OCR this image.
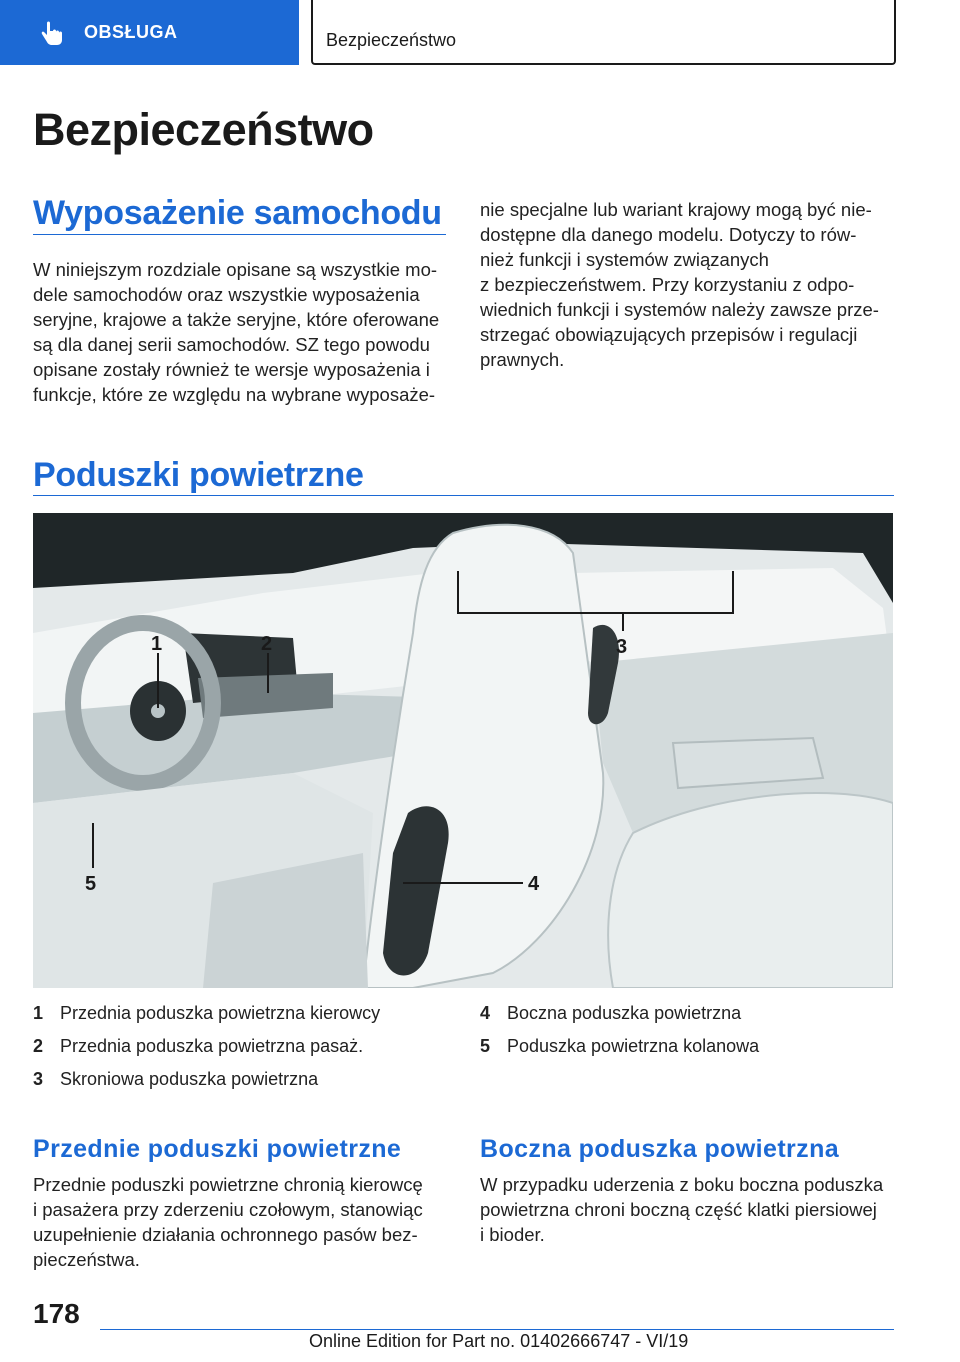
OBSŁUGA	Bezpieczeństwo
Bezpieczeństwo
Wyposażenie samochodu

W niniejszym rozdziale opisane są wszystkie mo-

dele samochodów oraz wszystkie wyposażenia

seryjne, krajowe a także seryjne, które oferowane

są dla danej serii samochodów. SZ tego powodu

opisane zostały również te wersje wyposażenia i

funkcje, które ze względu na wybrane wyposaże-

nie specjalne lub wariant krajowy mogą być nie-

dostępne dla danego modelu. Dotyczy to rów-

nież funkcji i systemów związanych

z bezpieczeństwem. Przy korzystaniu z odpo-

wiednich funkcji i systemów należy zawsze prze-

strzegać obowiązujących przepisów i regulacji

prawnych.

Poduszki powietrzne
1	2	3
4
5
1 Przednia poduszka powietrzna kierowcy
2 Przednia poduszka powietrzna pasaż.
3 Skroniowa poduszka powietrzna
4 Boczna poduszka powietrzna
5 Poduszka powietrzna kolanowa
Przednie poduszki powietrzne

Przednie poduszki powietrzne chronią kierowcę

i pasażera przy zderzeniu czołowym, stanowiąc

uzupełnienie działania ochronnego pasów bez-

pieczeństwa.

Boczna poduszka powietrzna

W przypadku uderzenia z boku boczna poduszka

powietrzna chroni boczną część klatki piersiowej

i bioder.

178
Online Edition for Part no. 01402666747 - VI/19
